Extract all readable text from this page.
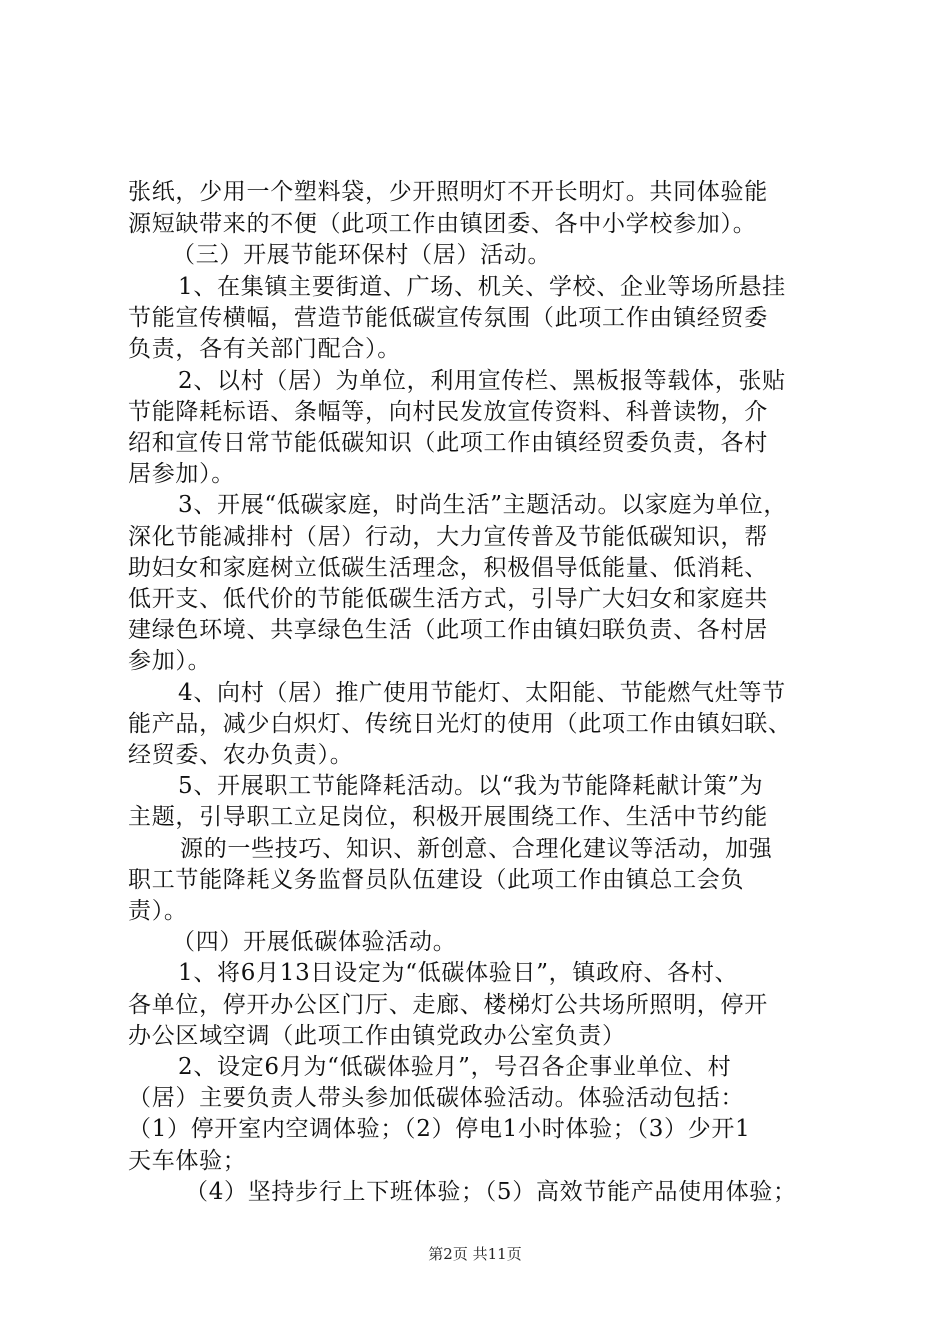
张纸，少用一个塑料袋，少开照明灯不开长明灯。共同体验能
源短缺带来的不便（此项工作由镇团委、各中小学校参加）。
（三）开展节能环保村（居）活动。
1、在集镇主要街道、广场、机关、学校、企业等场所悬挂
节能宣传横幅，营造节能低碳宣传氛围（此项工作由镇经贸委
负责，各有关部门配合）。
2、以村（居）为单位，利用宣传栏、黑板报等载体，张贴
节能降耗标语、条幅等，向村民发放宣传资料、科普读物，介
绍和宣传日常节能低碳知识（此项工作由镇经贸委负责，各村
居参加）。
3、开展“低碳家庭，时尚生活”主题活动。以家庭为单位，
深化节能减排村（居）行动，大力宣传普及节能低碳知识，帮
助妇女和家庭树立低碳生活理念，积极倡导低能量、低消耗、
低开支、低代价的节能低碳生活方式，引导广大妇女和家庭共
建绿色环境、共享绿色生活（此项工作由镇妇联负责、各村居
参加）。
4、向村（居）推广使用节能灯、太阳能、节能燃气灶等节
能产品，减少白炽灯、传统日光灯的使用（此项工作由镇妇联、
经贸委、农办负责）。
5、开展职工节能降耗活动。以“我为节能降耗献计策”为
主题，引导职工立足岗位，积极开展围绕工作、生活中节约能
源的一些技巧、知识、新创意、合理化建议等活动，加强
职工节能降耗义务监督员队伍建设（此项工作由镇总工会负
责）。
（四）开展低碳体验活动。
1、将6月13日设定为“低碳体验日”，镇政府、各村、
各单位，停开办公区门厅、走廊、楼梯灯公共场所照明，停开
办公区域空调（此项工作由镇党政办公室负责）
2、设定6月为“低碳体验月”，号召各企事业单位、村
（居）主要负责人带头参加低碳体验活动。体验活动包括：
（1）停开室内空调体验；（2）停电1小时体验；（3）少开1
天车体验；
（4）坚持步行上下班体验；（5）高效节能产品使用体验；
第2页 共11页
